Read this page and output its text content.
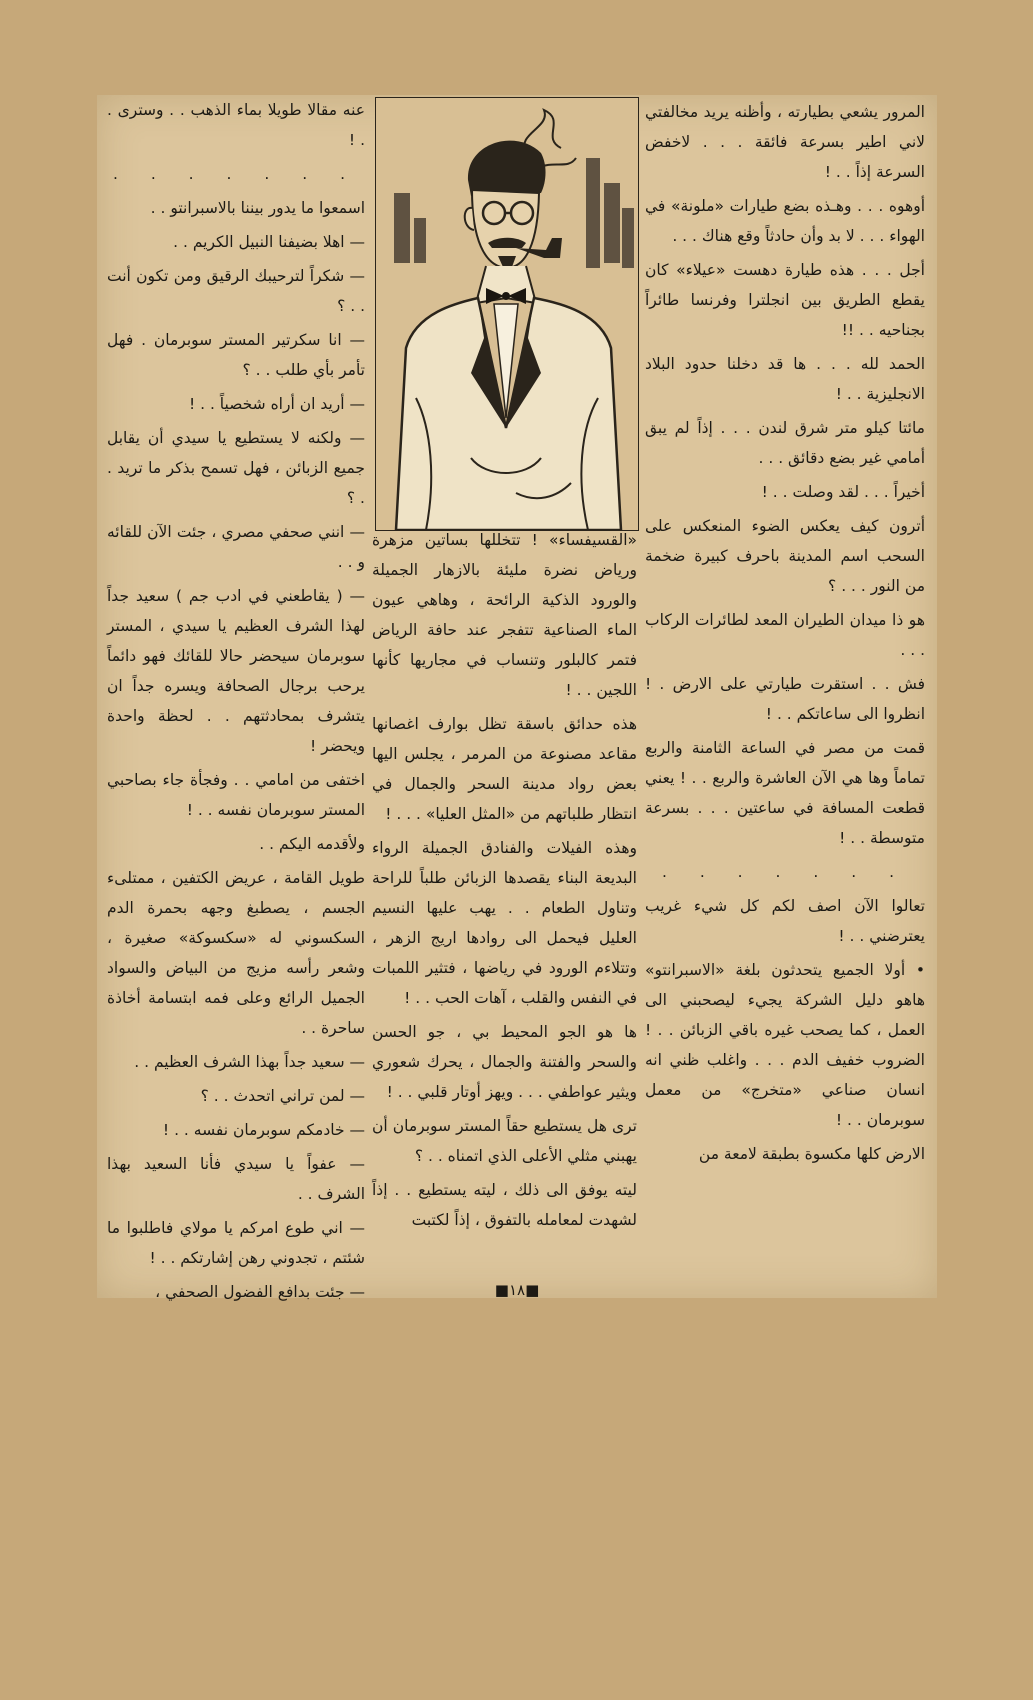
المرور يشعي بطيارته ، وأظنه يريد مخالفتي لاني اطير بسرعة فائقة . . . لاخفض السرعة إذاً . . !

أوهوه . . . وهـذه بضع طيارات «ملونة» في الهواء . . . لا بد وأن حادثاً وقع هناك . . .

أجل . . . هذه طيارة دهست «عيلاء» كان يقطع الطريق بين انجلترا وفرنسا طائراً بجناحيه . . !!

الحمد لله . . . ها قد دخلنا حدود البلاد الانجليزية . . !

مائتا كيلو متر شرق لندن . . . إذاً لم يبق أمامي غير بضع دقائق . . .

أخيراً . . . لقد وصلت . . !

أترون كيف يعكس الضوء المنعكس على السحب اسم المدينة باحرف كبيرة ضخمة من النور . . . ؟

هو ذا ميدان الطيران المعد لطائرات الركاب . . .

فش . . استقرت طيارتي على الارض . ! انظروا الى ساعاتكم . . !

قمت من مصر في الساعة الثامنة والربع تماماً وها هي الآن العاشرة والربع . . ! يعني قطعت المسافة في ساعتين . . . بسرعة متوسطة . . !

. . . . . . .

تعالوا الآن اصف لكم كل شيء غريب يعترضني . . !

• أولا الجميع يتحدثون بلغة «الاسبرانتو» هاهو دليل الشركة يجيء ليصحبني الى العمل ، كما يصحب غيره باقي الزبائن . . ! الضروب خفيف الدم . . . واغلب ظني انه انسان صناعي «متخرج» من معمل سوبرمان . . !

الارض كلها مكسوة بطبقة لامعة من

«القسيفساء» ! تتخللها بساتين مزهرة ورياض نضرة مليئة بالازهار الجميلة والورود الذكية الرائحة ، وهاهي عيون الماء الصناعية تتفجر عند حافة الرياض فتمر كالبلور وتنساب في مجاريها كأنها اللجين . . !

هذه حدائق باسقة تظل بوارف اغصانها مقاعد مصنوعة من المرمر ، يجلس اليها بعض رواد مدينة السحر والجمال في انتظار طلباتهم من «المثل العليا» . . . !

وهذه الفيلات والفنادق الجميلة الرواء البديعة البناء يقصدها الزبائن طلباً للراحة وتناول الطعام . . يهب عليها النسيم العليل فيحمل الى روادها اريج الزهر ، وتتلاءم الورود في رياضها ، فتثير اللمبات في النفس والقلب ، آهات الحب . . !

ها هو الجو المحيط بي ، جو الحسن والسحر والفتنة والجمال ، يحرك شعوري ويثير عواطفي . . . ويهز أوتار قلبي . . !

ترى هل يستطيع حقاً المستر سوبرمان أن يهبني مثلي الأعلى الذي اتمناه . . ؟

ليته يوفق الى ذلك ، ليته يستطيع . . إذاً لشهدت لمعامله بالتفوق ، إذاً لكتبت

عنه مقالا طويلا بماء الذهب . . وسترى . . !

. . . . . . .

اسمعوا ما يدور بيننا بالاسبرانتو . .

— اهلا بضيفنا النبيل الكريم . .

— شكراً لترحيبك الرقيق ومن تكون أنت . . ؟

— انا سكرتير المستر سوبرمان . فهل تأمر بأي طلب . . ؟

— أريد ان أراه شخصياً . . !

— ولكنه لا يستطيع يا سيدي أن يقابل جميع الزبائن ، فهل تسمح بذكر ما تريد . . ؟

— انني صحفي مصري ، جئت الآن للقائه و . .

— ( يقاطعني في ادب جم ) سعيد جداً لهذا الشرف العظيم يا سيدي ، المستر سوبرمان سيحضر حالا للقائك فهو دائماً يرحب برجال الصحافة ويسره جداً ان يتشرف بمحادثتهم . . لحظة واحدة ويحضر !

اختفى من امامي . . وفجأة جاء بصاحبي المستر سوبرمان نفسه . . !

ولأقدمه اليكم . .

طويل القامة ، عريض الكتفين ، ممتلىء الجسم ، يصطبغ وجهه بحمرة الدم السكسوني له «سكسوكة» صغيرة ، وشعر رأسه مزيج من البياض والسواد الجميل الرائع وعلى فمه ابتسامة أخاذة ساحرة . .

— سعيد جداً بهذا الشرف العظيم . .

— لمن تراني اتحدث . . ؟

— خادمكم سوبرمان نفسه . . !

— عفواً يا سيدي فأنا السعيد بهذا الشرف . .

— اني طوع امركم يا مولاي فاطلبوا ما شئتم ، تجدوني رهن إشارتكم . . !

— جئت بدافع الفضول الصحفي ،	■١٨■
